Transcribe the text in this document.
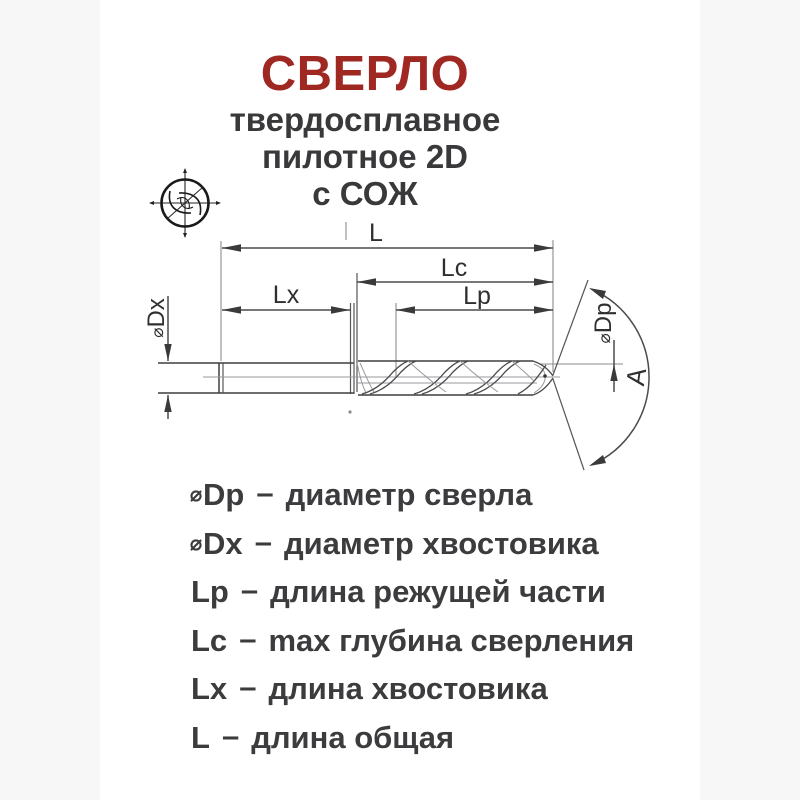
СВЕРЛО
твердосплавное
пилотное 2D
с СОЖ
L
Lc
Lp
Lx
⌀Dx
⌀Dp
A
⌀Dp – диаметр сверла
⌀Dx – диаметр хвостовика
Lp – длина режущей части
Lc – max глубина сверления
Lx – длина хвостовика
L – длина общая
